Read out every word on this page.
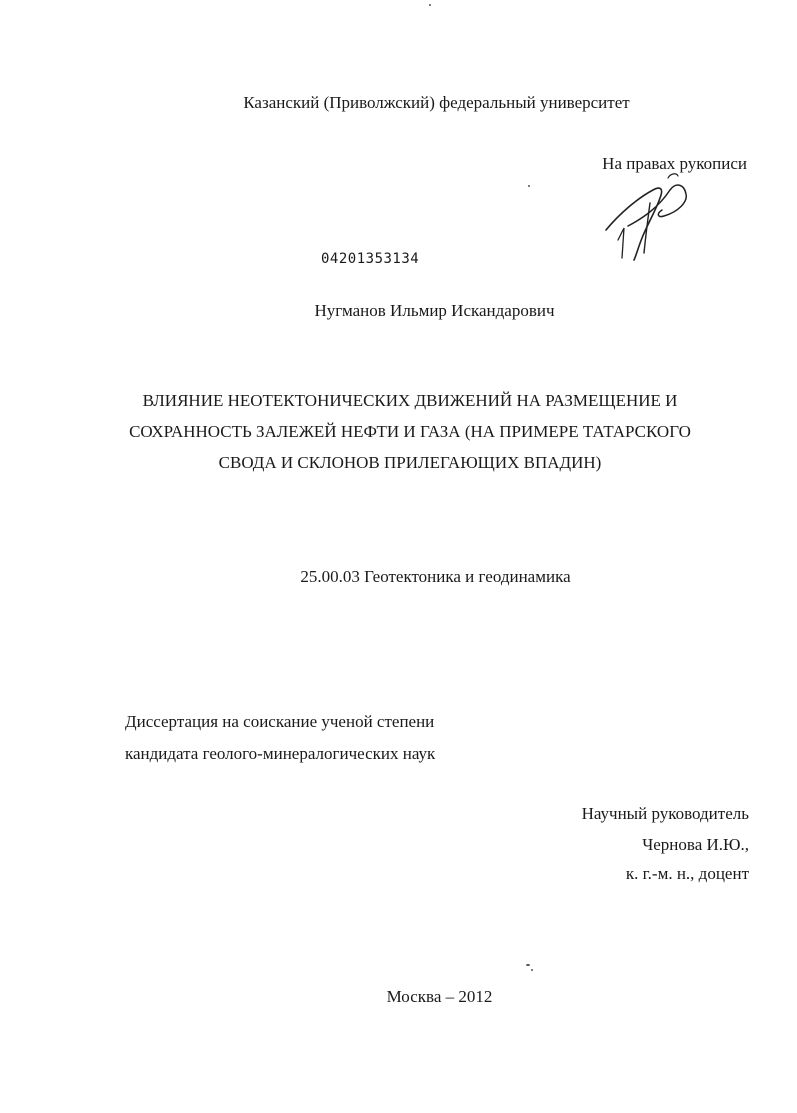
Казанский (Приволжский) федеральный университет
На правах рукописи
04201353134
Нугманов Ильмир Искандарович
ВЛИЯНИЕ НЕОТЕКТОНИЧЕСКИХ ДВИЖЕНИЙ НА РАЗМЕЩЕНИЕ И
СОХРАННОСТЬ ЗАЛЕЖЕЙ НЕФТИ И ГАЗА (НА ПРИМЕРЕ ТАТАРСКОГО
СВОДА И СКЛОНОВ ПРИЛЕГАЮЩИХ ВПАДИН)
25.00.03 Геотектоника и геодинамика
Диссертация на соискание ученой степени
кандидата геолого-минералогических наук
Научный руководитель
Чернова И.Ю.,
к. г.-м. н., доцент
Москва – 2012
